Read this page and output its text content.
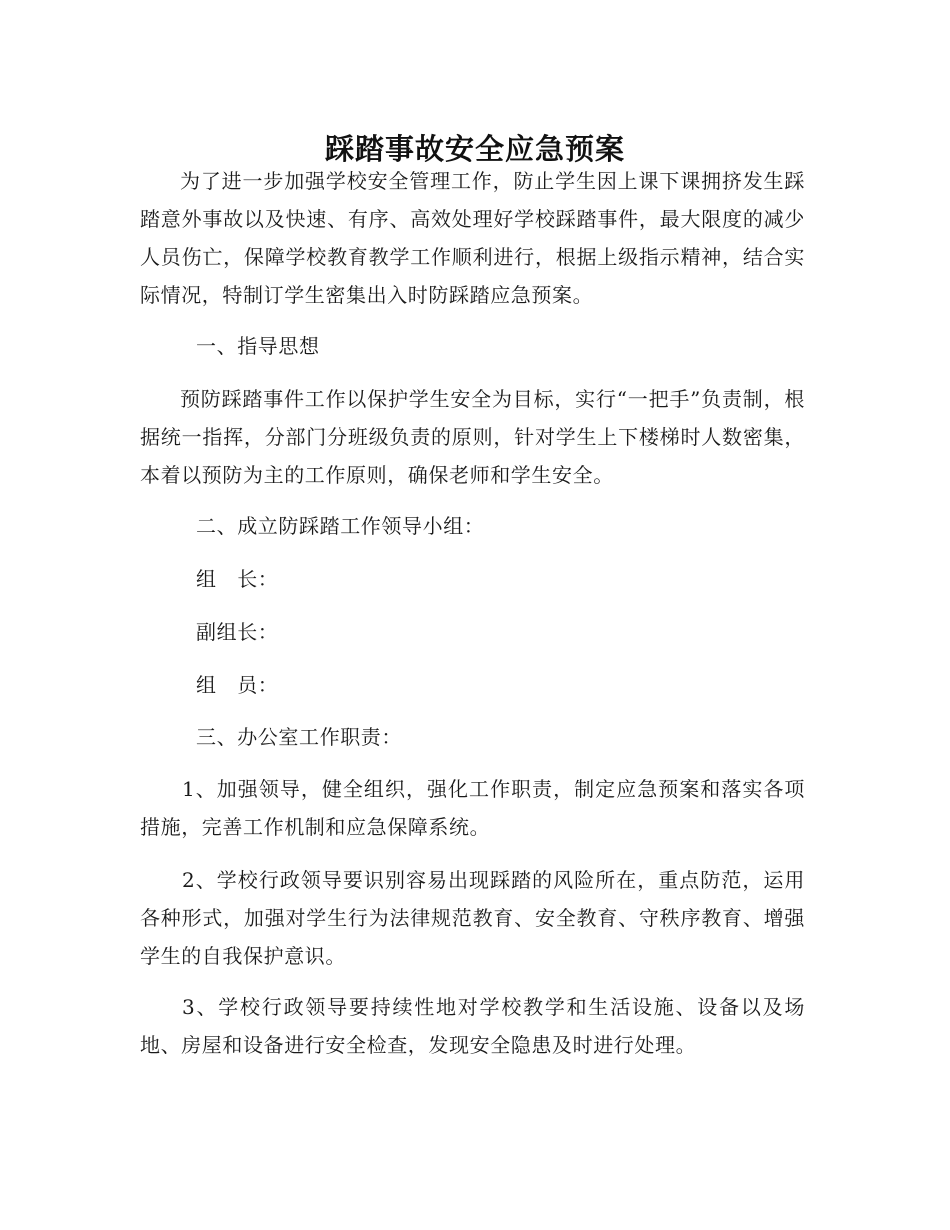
踩踏事故安全应急预案

为了进一步加强学校安全管理工作，防止学生因上课下课拥挤发生踩踏意外事故以及快速、有序、高效处理好学校踩踏事件，最大限度的减少人员伤亡，保障学校教育教学工作顺利进行，根据上级指示精神，结合实际情况，特制订学生密集出入时防踩踏应急预案。

一、指导思想

预防踩踏事件工作以保护学生安全为目标，实行“一把手”负责制，根据统一指挥，分部门分班级负责的原则，针对学生上下楼梯时人数密集，本着以预防为主的工作原则，确保老师和学生安全。

二、成立防踩踏工作领导小组：

组　长：

副组长：

组　员：

三、办公室工作职责：

1、加强领导，健全组织，强化工作职责，制定应急预案和落实各项措施，完善工作机制和应急保障系统。

2、学校行政领导要识别容易出现踩踏的风险所在，重点防范，运用各种形式，加强对学生行为法律规范教育、安全教育、守秩序教育、增强学生的自我保护意识。

3、学校行政领导要持续性地对学校教学和生活设施、设备以及场地、房屋和设备进行安全检查，发现安全隐患及时进行处理。
